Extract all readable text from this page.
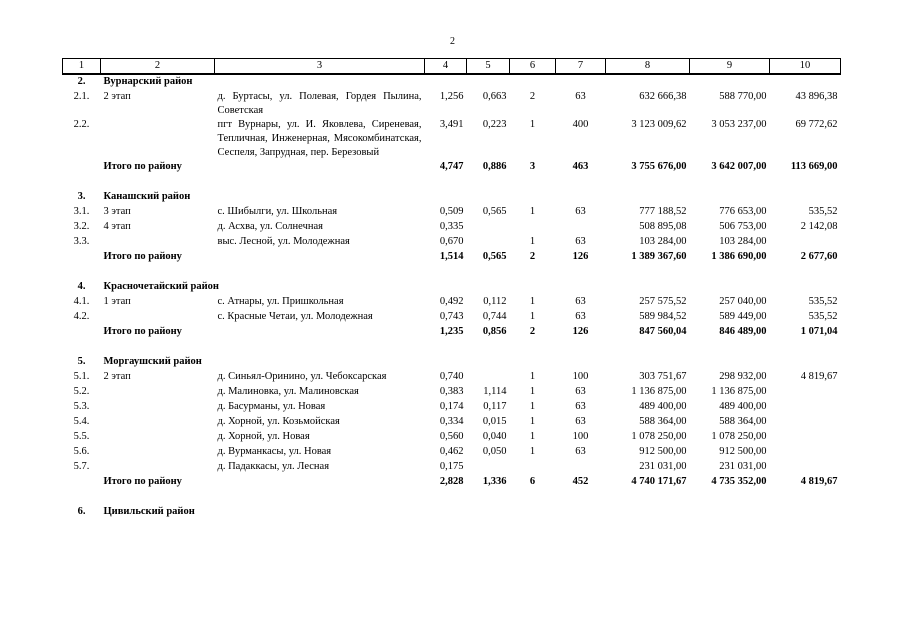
2
1	2	3	4	5	6	7	8	9	10
2.	Вурнарский район								
2.1.	2 этап	д. Буртасы, ул. Полевая, Гордея Пылина, Советская	1,256	0,663	2	63	632 666,38	588 770,00	43 896,38
2.2.		пгт Вурнары, ул. И. Яковлева, Сиреневая, Тепличная, Инженерная, Мясокомбинатская, Сеспеля, Запрудная, пер. Березовый	3,491	0,223	1	400	3 123 009,62	3 053 237,00	69 772,62
	Итого по району		4,747	0,886	3	463	3 755 676,00	3 642 007,00	113 669,00

3.	Канашский район								
3.1.	3 этап	с. Шибылги, ул. Школьная	0,509	0,565	1	63	777 188,52	776 653,00	535,52
3.2.	4 этап	д. Асхва, ул. Солнечная	0,335				508 895,08	506 753,00	2 142,08
3.3.		выс. Лесной, ул. Молодежная	0,670		1	63	103 284,00	103 284,00	
	Итого по району		1,514	0,565	2	126	1 389 367,60	1 386 690,00	2 677,60

4.	Красночетайский район								
4.1.	1 этап	с. Атнары, ул. Пришкольная	0,492	0,112	1	63	257 575,52	257 040,00	535,52
4.2.		с. Красные Четаи, ул. Молодежная	0,743	0,744	1	63	589 984,52	589 449,00	535,52
	Итого по району		1,235	0,856	2	126	847 560,04	846 489,00	1 071,04

5.	Моргаушский район								
5.1.	2 этап	д. Синьял-Оринино, ул. Чебоксарская	0,740		1	100	303 751,67	298 932,00	4 819,67
5.2.		д. Малиновка, ул. Малиновская	0,383	1,114	1	63	1 136 875,00	1 136 875,00	
5.3.		д. Басурманы, ул. Новая	0,174	0,117	1	63	489 400,00	489 400,00	
5.4.		д. Хорной, ул. Козьмойская	0,334	0,015	1	63	588 364,00	588 364,00	
5.5.		д. Хорной, ул. Новая	0,560	0,040	1	100	1 078 250,00	1 078 250,00	
5.6.		д. Вурманкасы, ул. Новая	0,462	0,050	1	63	912 500,00	912 500,00	
5.7.		д. Падаккасы, ул. Лесная	0,175				231 031,00	231 031,00	
	Итого по району		2,828	1,336	6	452	4 740 171,67	4 735 352,00	4 819,67

6.	Цивильский район								
